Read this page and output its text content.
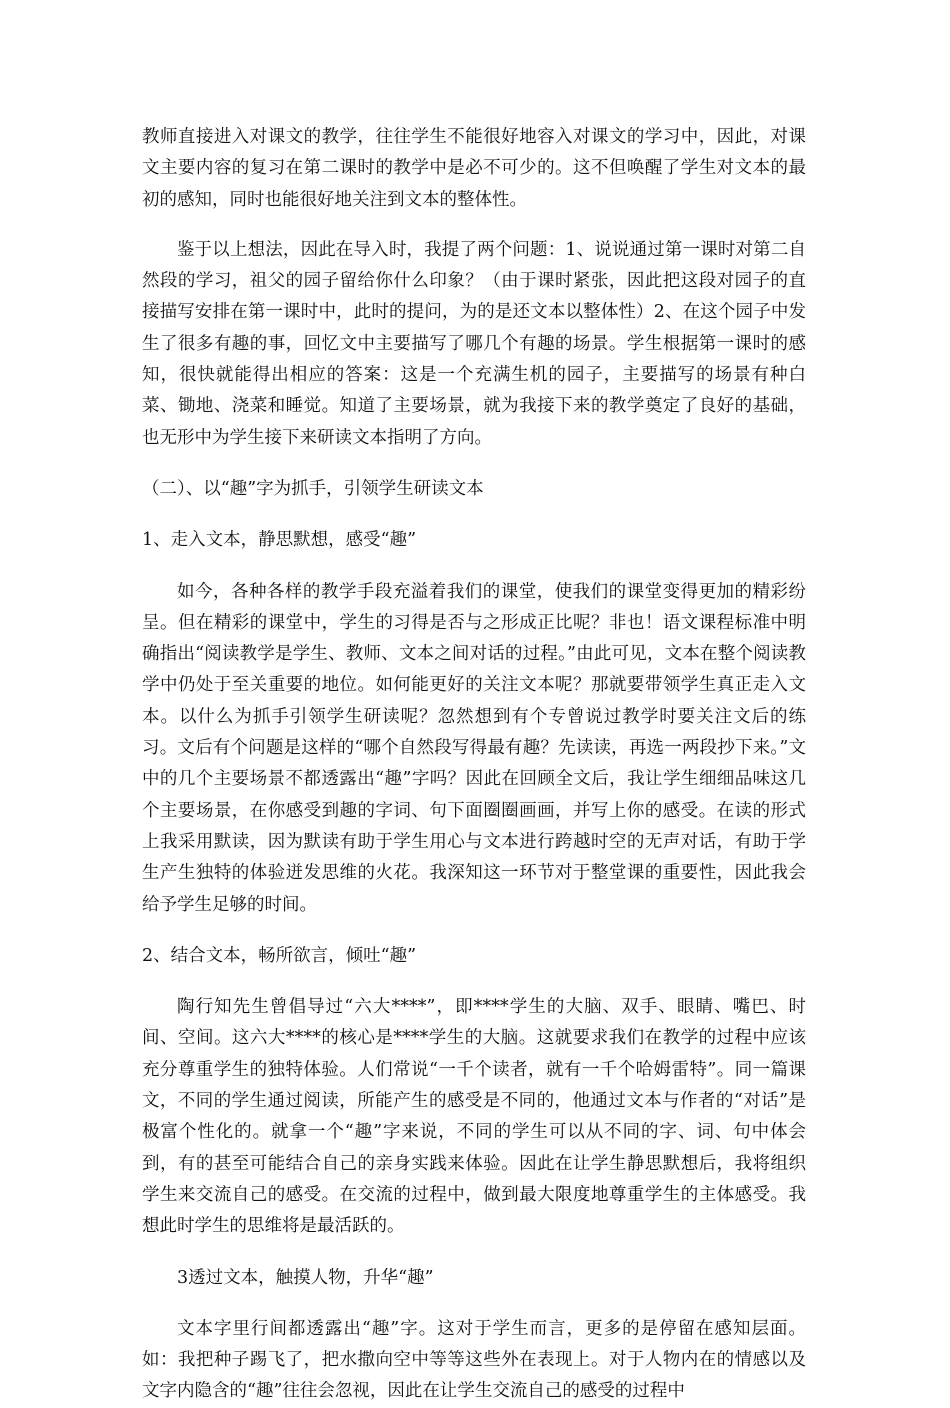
教师直接进入对课文的教学，往往学生不能很好地容入对课文的学习中，因此，对课文主要内容的复习在第二课时的教学中是必不可少的。这不但唤醒了学生对文本的最初的感知，同时也能很好地关注到文本的整体性。

鉴于以上想法，因此在导入时，我提了两个问题：1、说说通过第一课时对第二自然段的学习，祖父的园子留给你什么印象？（由于课时紧张，因此把这段对园子的直接描写安排在第一课时中，此时的提问，为的是还文本以整体性）2、在这个园子中发生了很多有趣的事，回忆文中主要描写了哪几个有趣的场景。学生根据第一课时的感知，很快就能得出相应的答案：这是一个充满生机的园子，主要描写的场景有种白菜、锄地、浇菜和睡觉。知道了主要场景，就为我接下来的教学奠定了良好的基础，也无形中为学生接下来研读文本指明了方向。

（二）、以“趣”字为抓手，引领学生研读文本

1、走入文本，静思默想，感受“趣”

如今，各种各样的教学手段充溢着我们的课堂，使我们的课堂变得更加的精彩纷呈。但在精彩的课堂中，学生的习得是否与之形成正比呢？非也！语文课程标准中明确指出“阅读教学是学生、教师、文本之间对话的过程。”由此可见，文本在整个阅读教学中仍处于至关重要的地位。如何能更好的关注文本呢？那就要带领学生真正走入文本。以什么为抓手引领学生研读呢？忽然想到有个专曾说过教学时要关注文后的练习。文后有个问题是这样的“哪个自然段写得最有趣？先读读，再选一两段抄下来。”文中的几个主要场景不都透露出“趣”字吗？因此在回顾全文后，我让学生细细品味这几个主要场景，在你感受到趣的字词、句下面圈圈画画，并写上你的感受。在读的形式上我采用默读，因为默读有助于学生用心与文本进行跨越时空的无声对话，有助于学生产生独特的体验迸发思维的火花。我深知这一环节对于整堂课的重要性，因此我会给予学生足够的时间。

2、结合文本，畅所欲言，倾吐“趣”

陶行知先生曾倡导过“六大****”，即****学生的大脑、双手、眼睛、嘴巴、时间、空间。这六大****的核心是****学生的大脑。这就要求我们在教学的过程中应该充分尊重学生的独特体验。人们常说“一千个读者，就有一千个哈姆雷特”。同一篇课文，不同的学生通过阅读，所能产生的感受是不同的，他通过文本与作者的“对话”是极富个性化的。就拿一个“趣”字来说，不同的学生可以从不同的字、词、句中体会到，有的甚至可能结合自己的亲身实践来体验。因此在让学生静思默想后，我将组织学生来交流自己的感受。在交流的过程中，做到最大限度地尊重学生的主体感受。我想此时学生的思维将是最活跃的。

3透过文本，触摸人物，升华“趣”

文本字里行间都透露出“趣”字。这对于学生而言，更多的是停留在感知层面。如：我把种子踢飞了，把水撒向空中等等这些外在表现上。对于人物内在的情感以及文字内隐含的“趣”往往会忽视，因此在让学生交流自己的感受的过程中
